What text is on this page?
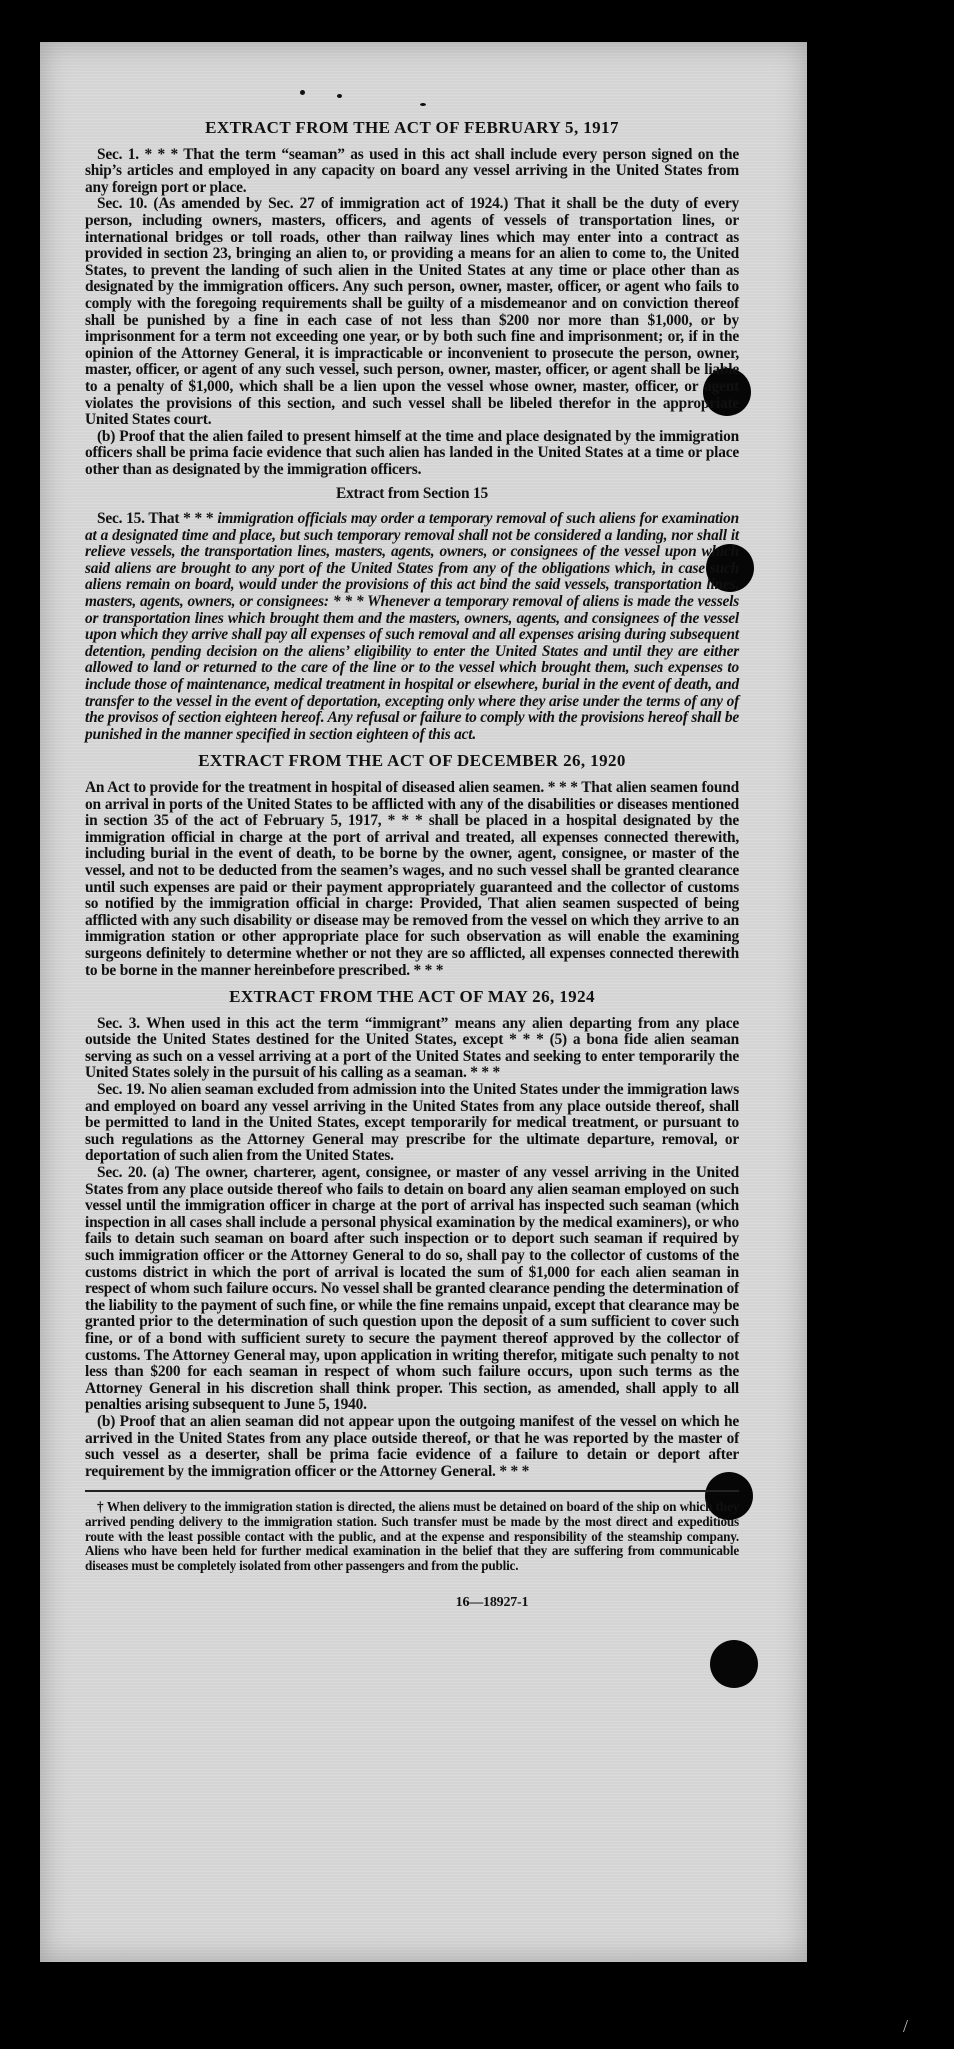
/
EXTRACT FROM THE ACT OF FEBRUARY 5, 1917

Sec. 1. * * * That the term “seaman” as used in this act shall include every person signed on the ship’s articles and employed in any capacity on board any vessel arriving in the United States from any foreign port or place.

Sec. 10. (As amended by Sec. 27 of immigration act of 1924.) That it shall be the duty of every person, including owners, masters, officers, and agents of vessels of transportation lines, or international bridges or toll roads, other than railway lines which may enter into a contract as provided in section 23, bringing an alien to, or providing a means for an alien to come to, the United States, to prevent the landing of such alien in the United States at any time or place other than as designated by the immigration officers. Any such person, owner, master, officer, or agent who fails to comply with the foregoing requirements shall be guilty of a misdemeanor and on conviction thereof shall be punished by a fine in each case of not less than $200 nor more than $1,000, or by imprisonment for a term not exceeding one year, or by both such fine and imprisonment; or, if in the opinion of the Attorney General, it is impracticable or inconvenient to prosecute the person, owner, master, officer, or agent of any such vessel, such person, owner, master, officer, or agent shall be liable to a penalty of $1,000, which shall be a lien upon the vessel whose owner, master, officer, or agent violates the provisions of this section, and such vessel shall be libeled therefor in the appropriate United States court.

(b) Proof that the alien failed to present himself at the time and place designated by the immigration officers shall be prima facie evidence that such alien has landed in the United States at a time or place other than as designated by the immigration officers.

Extract from Section 15

Sec. 15. That * * * immigration officials may order a temporary removal of such aliens for examination at a designated time and place, but such temporary removal shall not be considered a landing, nor shall it relieve vessels, the transportation lines, masters, agents, owners, or consignees of the vessel upon which said aliens are brought to any port of the United States from any of the obligations which, in case such aliens remain on board, would under the provisions of this act bind the said vessels, transportation lines, masters, agents, owners, or consignees: * * * Whenever a temporary removal of aliens is made the vessels or transportation lines which brought them and the masters, owners, agents, and consignees of the vessel upon which they arrive shall pay all expenses of such removal and all expenses arising during subsequent detention, pending decision on the aliens’ eligibility to enter the United States and until they are either allowed to land or returned to the care of the line or to the vessel which brought them, such expenses to include those of maintenance, medical treatment in hospital or elsewhere, burial in the event of death, and transfer to the vessel in the event of deportation, excepting only where they arise under the terms of any of the provisos of section eighteen hereof. Any refusal or failure to comply with the provisions hereof shall be punished in the manner specified in section eighteen of this act.

EXTRACT FROM THE ACT OF DECEMBER 26, 1920

An Act to provide for the treatment in hospital of diseased alien seamen. * * * That alien seamen found on arrival in ports of the United States to be afflicted with any of the disabilities or diseases mentioned in section 35 of the act of February 5, 1917, * * * shall be placed in a hospital designated by the immigration official in charge at the port of arrival and treated, all expenses connected therewith, including burial in the event of death, to be borne by the owner, agent, consignee, or master of the vessel, and not to be deducted from the seamen’s wages, and no such vessel shall be granted clearance until such expenses are paid or their payment appropriately guaranteed and the collector of customs so notified by the immigration official in charge: Provided, That alien seamen suspected of being afflicted with any such disability or disease may be removed from the vessel on which they arrive to an immigration station or other appropriate place for such observation as will enable the examining surgeons definitely to determine whether or not they are so afflicted, all expenses connected therewith to be borne in the manner hereinbefore prescribed. * * *

EXTRACT FROM THE ACT OF MAY 26, 1924

Sec. 3. When used in this act the term “immigrant” means any alien departing from any place outside the United States destined for the United States, except * * * (5) a bona fide alien seaman serving as such on a vessel arriving at a port of the United States and seeking to enter temporarily the United States solely in the pursuit of his calling as a seaman. * * *

Sec. 19. No alien seaman excluded from admission into the United States under the immigration laws and employed on board any vessel arriving in the United States from any place outside thereof, shall be permitted to land in the United States, except temporarily for medical treatment, or pursuant to such regulations as the Attorney General may prescribe for the ultimate departure, removal, or deportation of such alien from the United States.

Sec. 20. (a) The owner, charterer, agent, consignee, or master of any vessel arriving in the United States from any place outside thereof who fails to detain on board any alien seaman employed on such vessel until the immigration officer in charge at the port of arrival has inspected such seaman (which inspection in all cases shall include a personal physical examination by the medical examiners), or who fails to detain such seaman on board after such inspection or to deport such seaman if required by such immigration officer or the Attorney General to do so, shall pay to the collector of customs of the customs district in which the port of arrival is located the sum of $1,000 for each alien seaman in respect of whom such failure occurs. No vessel shall be granted clearance pending the determination of the liability to the payment of such fine, or while the fine remains unpaid, except that clearance may be granted prior to the determination of such question upon the deposit of a sum sufficient to cover such fine, or of a bond with sufficient surety to secure the payment thereof approved by the collector of customs. The Attorney General may, upon application in writing therefor, mitigate such penalty to not less than $200 for each seaman in respect of whom such failure occurs, upon such terms as the Attorney General in his discretion shall think proper. This section, as amended, shall apply to all penalties arising subsequent to June 5, 1940.

(b) Proof that an alien seaman did not appear upon the outgoing manifest of the vessel on which he arrived in the United States from any place outside thereof, or that he was reported by the master of such vessel as a deserter, shall be prima facie evidence of a failure to detain or deport after requirement by the immigration officer or the Attorney General. * * *

† When delivery to the immigration station is directed, the aliens must be detained on board of the ship on which they arrived pending delivery to the immigration station. Such transfer must be made by the most direct and expeditious route with the least possible contact with the public, and at the expense and responsibility of the steamship company. Aliens who have been held for further medical examination in the belief that they are suffering from communicable diseases must be completely isolated from other passengers and from the public.

16—18927-1
